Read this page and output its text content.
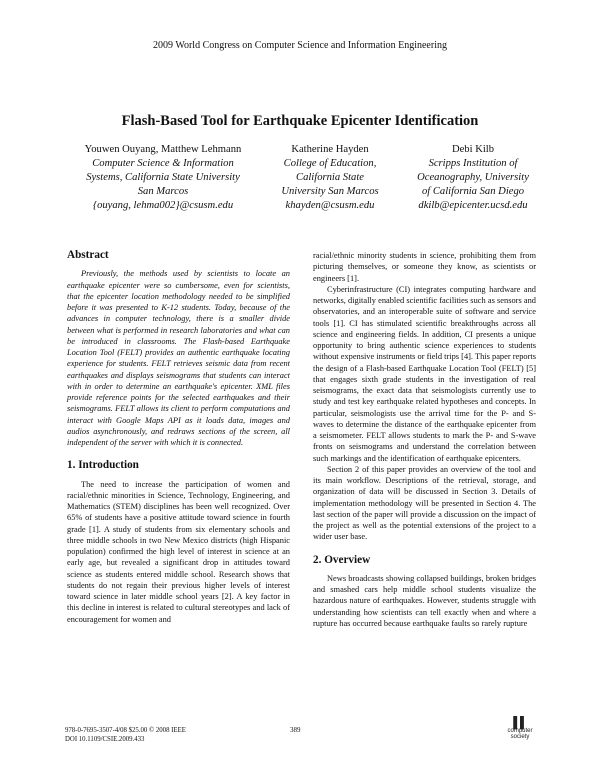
2009 World Congress on Computer Science and Information Engineering
Flash-Based Tool for Earthquake Epicenter Identification
Youwen Ouyang, Matthew Lehmann
Computer Science & Information
Systems, California State University
San Marcos
{ouyang, lehma002}@csusm.edu
Katherine Hayden
College of Education,
California State
University San Marcos
khayden@csusm.edu
Debi Kilb
Scripps Institution of
Oceanography, University
of California San Diego
dkilb@epicenter.ucsd.edu

Abstract

Previously, the methods used by scientists to locate an earthquake epicenter were so cumbersome, even for scientists, that the epicenter location methodology needed to be simplified before it was presented to K-12 students. Today, because of the advances in computer technology, there is a smaller divide between what is performed in research laboratories and what can be introduced in classrooms. The Flash-based Earthquake Location Tool (FELT) provides an authentic earthquake locating experience for students. FELT retrieves seismic data from recent earthquakes and displays seismograms that students can interact with in order to determine an earthquake's epicenter. XML files provide reference points for the selected earthquakes and their seismograms. FELT allows its client to perform computations and interact with Google Maps API as it loads data, images and audios asynchronously, and redraws sections of the screen, all independent of the server with which it is connected.

1. Introduction

The need to increase the participation of women and racial/ethnic minorities in Science, Technology, Engineering, and Mathematics (STEM) disciplines has been well recognized. Over 65% of students have a positive attitude toward science in fourth grade [1]. A study of students from six elementary schools and three middle schools in two New Mexico districts (high Hispanic population) confirmed the high level of interest in science at an early age, but revealed a significant drop in attitudes toward science as students entered middle school. Research shows that students do not regain their previous higher levels of interest toward science in later middle school years [2]. A key factor in this decline in interest is related to cultural stereotypes and lack of encouragement for women and

racial/ethnic minority students in science, prohibiting them from picturing themselves, or someone they know, as scientists or engineers [1].

Cyberinfrastructure (CI) integrates computing hardware and networks, digitally enabled scientific facilities such as sensors and observatories, and an interoperable suite of software and service tools [1]. CI has stimulated scientific breakthroughs across all science and engineering fields. In addition, CI presents a unique opportunity to bring authentic science experiences to students without expensive instruments or field trips [4]. This paper reports the design of a Flash-based Earthquake Location Tool (FELT) [5] that engages sixth grade students in the investigation of real seismograms, the exact data that seismologists currently use to study and test key earthquake related hypotheses and concepts. In particular, seismologists use the arrival time for the P- and S-waves to determine the distance of the earthquake epicenter from a seismometer. FELT allows students to mark the P- and S-wave fronts on seismograms and understand the correlation between such markings and the identification of earthquake epicenters.

Section 2 of this paper provides an overview of the tool and its main workflow. Descriptions of the retrieval, storage, and organization of data will be discussed in Section 3. Details of implementation methodology will be presented in Section 4. The last section of the paper will provide a discussion on the impact of the project as well as the potential extensions of the project to a wider user base.

2. Overview

News broadcasts showing collapsed buildings, broken bridges and smashed cars help middle school students visualize the hazardous nature of earthquakes. However, students struggle with understanding how scientists can tell exactly when and where a rupture has occurred because earthquake faults so rarely rupture

978-0-7695-3507-4/08 $25.00 © 2008 IEEE
DOI 10.1109/CSIE.2009.433
389
▌▌
computer
society
